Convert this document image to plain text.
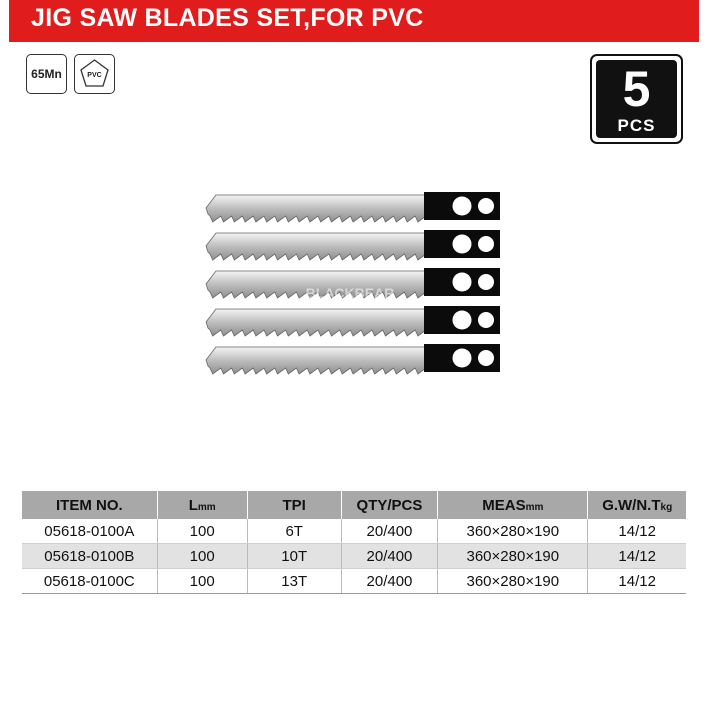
JIG SAW BLADES SET,FOR PVC
65Mn	PVC	5
PCS
BLACKBEAR
ITEM NO.	Lmm	TPI	QTY/PCS	MEASmm	G.W/N.Tkg
05618-0100A	100	6T	20/400	360×280×190	14/12
05618-0100B	100	10T	20/400	360×280×190	14/12
05618-0100C	100	13T	20/400	360×280×190	14/12
